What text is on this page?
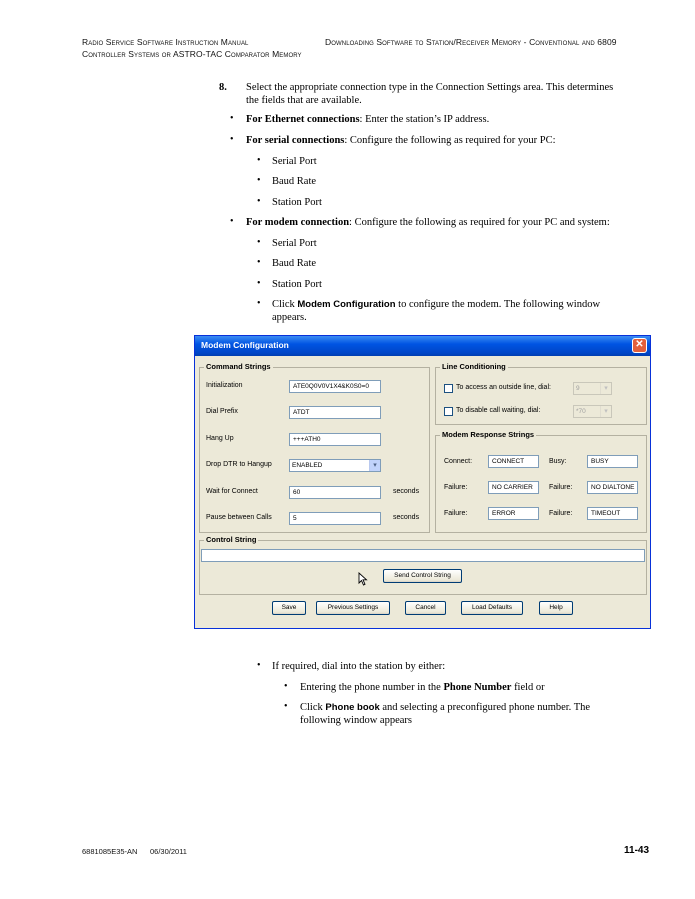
Radio Service Software Instruction Manual	Downloading Software to Station/Receiver Memory - Conventional and 6809
Controller Systems or ASTRO-TAC Comparator Memory
8. Select the appropriate connection type in the Connection Settings area. This determines
the fields that are available.
• For Ethernet connections: Enter the station’s IP address.
• For serial connections: Configure the following as required for your PC:
• Serial Port
• Baud Rate
• Station Port
• For modem connection: Configure the following as required for your PC and system:
• Serial Port
• Baud Rate
• Station Port
• Click Modem Configuration to configure the modem. The following window
appears.
Modem Configuration	✕
Command Strings
Initialization	ATE0Q0V0V1X4&K0S0=0
Dial Prefix	ATDT
Hang Up	+++ATH0
Drop DTR to Hangup	ENABLED	▾
Wait for Connect	60	seconds
Pause between Calls	5	seconds
Line Conditioning
To access an outside line, dial:	9	▾
To disable call waiting, dial:	*70	▾
Modem Response Strings
Connect:	CONNECT	Busy:	BUSY
Failure:	NO CARRIER	Failure:	NO DIALTONE
Failure:	ERROR	Failure:	TIMEOUT
Control String
Send Control String
Save	Previous Settings	Cancel	Load Defaults	Help
• If required, dial into the station by either:
• Entering the phone number in the Phone Number field or
• Click Phone book and selecting a preconfigured phone number. The
following window appears
6881085E35-AN 06/30/2011	11-43
